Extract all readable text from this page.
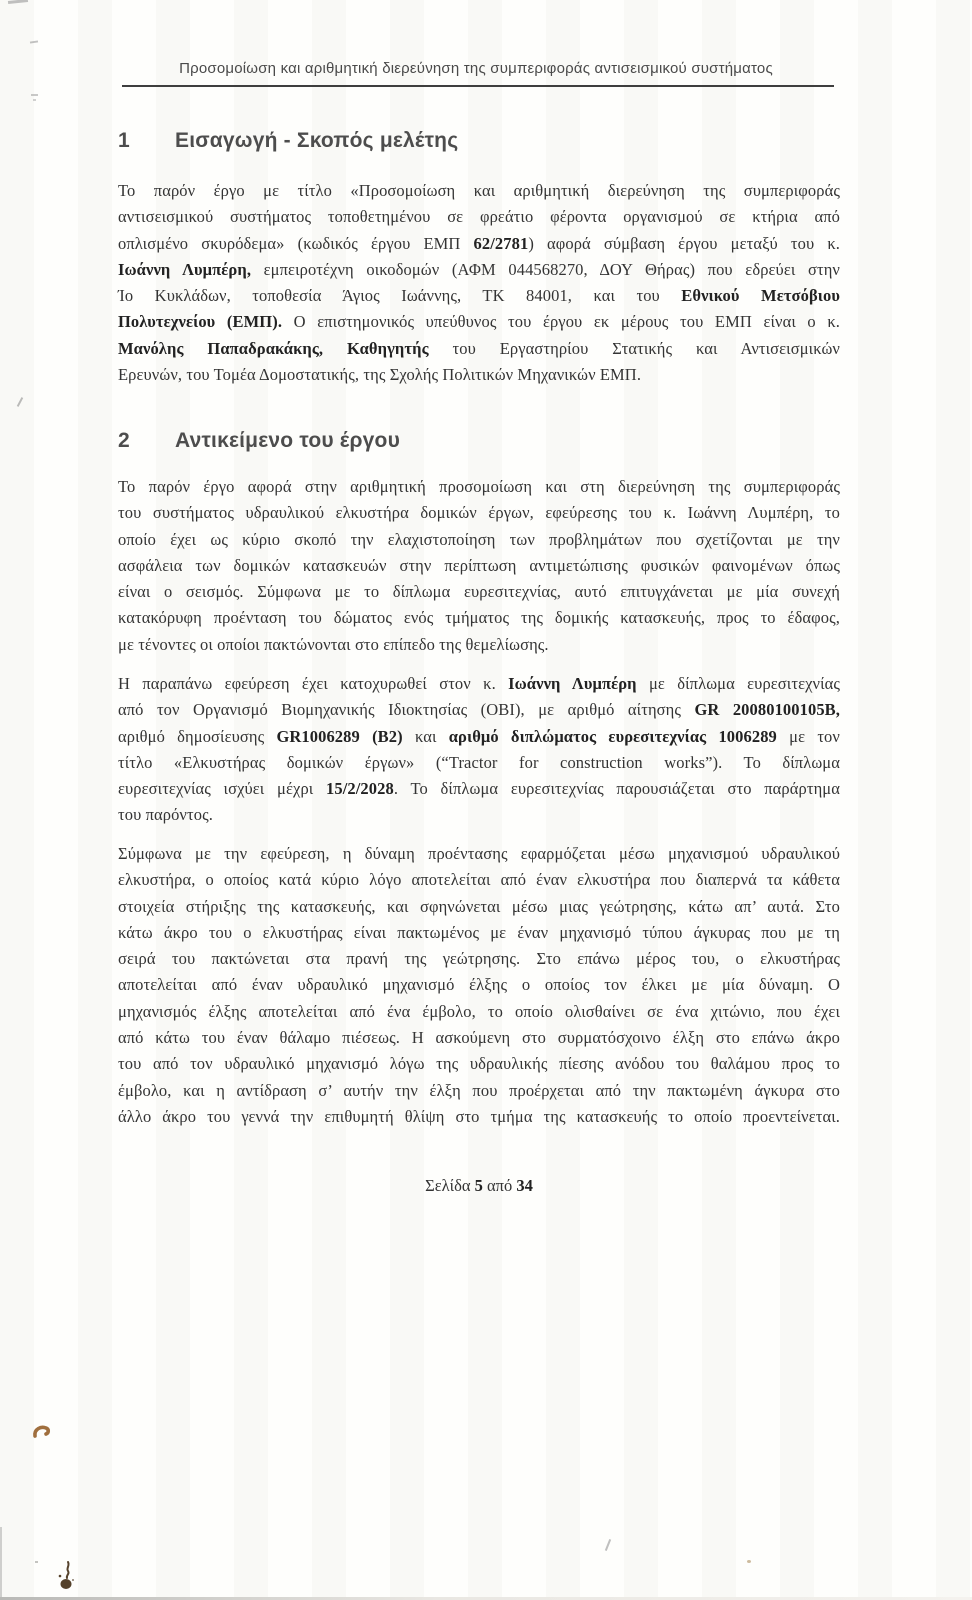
Προσομοίωση και αριθμητική διερεύνηση της συμπεριφοράς αντισεισμικού συστήματος
1	Εισαγωγή - Σκοπός μελέτης
Το παρόν έργο με τίτλο «Προσομοίωση και αριθμητική διερεύνηση της συμπεριφοράς
αντισεισμικού συστήματος τοποθετημένου σε φρεάτιο φέροντα οργανισμού σε κτήρια από
οπλισμένο σκυρόδεμα» (κωδικός έργου ΕΜΠ 62/2781) αφορά σύμβαση έργου μεταξύ του κ.
Ιωάννη Λυμπέρη, εμπειροτέχνη οικοδομών (ΑΦΜ 044568270, ΔΟΥ Θήρας) που εδρεύει στην
Ίο Κυκλάδων, τοποθεσία Άγιος Ιωάννης, ΤΚ 84001, και του Εθνικού Μετσόβιου
Πολυτεχνείου (ΕΜΠ). Ο επιστημονικός υπεύθυνος του έργου εκ μέρους του ΕΜΠ είναι ο κ.
Μανόλης Παπαδρακάκης, Καθηγητής του Εργαστηρίου Στατικής και Αντισεισμικών
Ερευνών, του Τομέα Δομοστατικής, της Σχολής Πολιτικών Μηχανικών ΕΜΠ.
2	Αντικείμενο του έργου
Το παρόν έργο αφορά στην αριθμητική προσομοίωση και στη διερεύνηση της συμπεριφοράς
του συστήματος υδραυλικού ελκυστήρα δομικών έργων, εφεύρεσης του κ. Ιωάννη Λυμπέρη, το
οποίο έχει ως κύριο σκοπό την ελαχιστοποίηση των προβλημάτων που σχετίζονται με την
ασφάλεια των δομικών κατασκευών στην περίπτωση αντιμετώπισης φυσικών φαινομένων όπως
είναι ο σεισμός. Σύμφωνα με το δίπλωμα ευρεσιτεχνίας, αυτό επιτυγχάνεται με μία συνεχή
κατακόρυφη προένταση του δώματος ενός τμήματος της δομικής κατασκευής, προς το έδαφος,
με τένοντες οι οποίοι πακτώνονται στο επίπεδο της θεμελίωσης.
Η παραπάνω εφεύρεση έχει κατοχυρωθεί στον κ. Ιωάννη Λυμπέρη με δίπλωμα ευρεσιτεχνίας
από τον Οργανισμό Βιομηχανικής Ιδιοκτησίας (ΟΒΙ), με αριθμό αίτησης GR 20080100105B,
αριθμό δημοσίευσης GR1006289 (B2) και αριθμό διπλώματος ευρεσιτεχνίας 1006289 με τον
τίτλο «Ελκυστήρας δομικών έργων» (“Tractor for construction works”). Το δίπλωμα
ευρεσιτεχνίας ισχύει μέχρι 15/2/2028. Το δίπλωμα ευρεσιτεχνίας παρουσιάζεται στο παράρτημα
του παρόντος.
Σύμφωνα με την εφεύρεση, η δύναμη προέντασης εφαρμόζεται μέσω μηχανισμού υδραυλικού
ελκυστήρα, ο οποίος κατά κύριο λόγο αποτελείται από έναν ελκυστήρα που διαπερνά τα κάθετα
στοιχεία στήριξης της κατασκευής, και σφηνώνεται μέσω μιας γεώτρησης, κάτω απ’ αυτά. Στο
κάτω άκρο του ο ελκυστήρας είναι πακτωμένος με έναν μηχανισμό τύπου άγκυρας που με τη
σειρά του πακτώνεται στα πρανή της γεώτρησης. Στο επάνω μέρος του, ο ελκυστήρας
αποτελείται από έναν υδραυλικό μηχανισμό έλξης ο οποίος τον έλκει με μία δύναμη. Ο
μηχανισμός έλξης αποτελείται από ένα έμβολο, το οποίο ολισθαίνει σε ένα χιτώνιο, που έχει
από κάτω του έναν θάλαμο πιέσεως. Η ασκούμενη στο συρματόσχοινο έλξη στο επάνω άκρο
του από τον υδραυλικό μηχανισμό λόγω της υδραυλικής πίεσης ανόδου του θαλάμου προς το
έμβολο, και η αντίδραση σ’ αυτήν την έλξη που προέρχεται από την πακτωμένη άγκυρα στο
άλλο άκρο του γεννά την επιθυμητή θλίψη στο τμήμα της κατασκευής το οποίο προεντείνεται.
Σελίδα 5 από 34
